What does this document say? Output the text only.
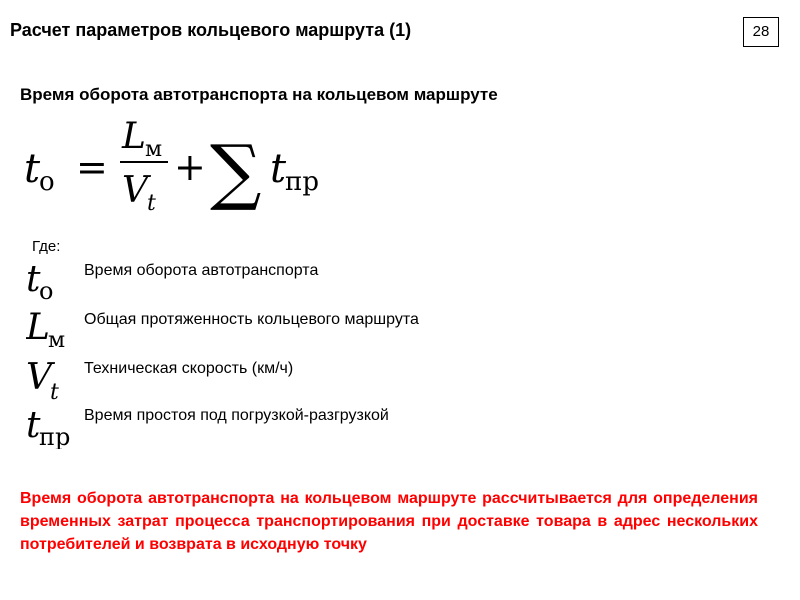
Расчет параметров кольцевого маршрута (1)	28
Время оборота автотранспорта на кольцевом маршруте
t
о =
L м
V t
+ ∑ t
пр
Где:
t
о
Время оборота автотранспорта
L
м
Общая протяженность кольцевого маршрута
V
t
Техническая скорость (км/ч)
t
пр
Время простоя под погрузкой-разгрузкой
Время оборота автотранспорта на кольцевом маршруте рассчитывается для определения временных затрат процесса транспортирования при доставке товара в адрес нескольких потребителей и возврата в исходную точку
